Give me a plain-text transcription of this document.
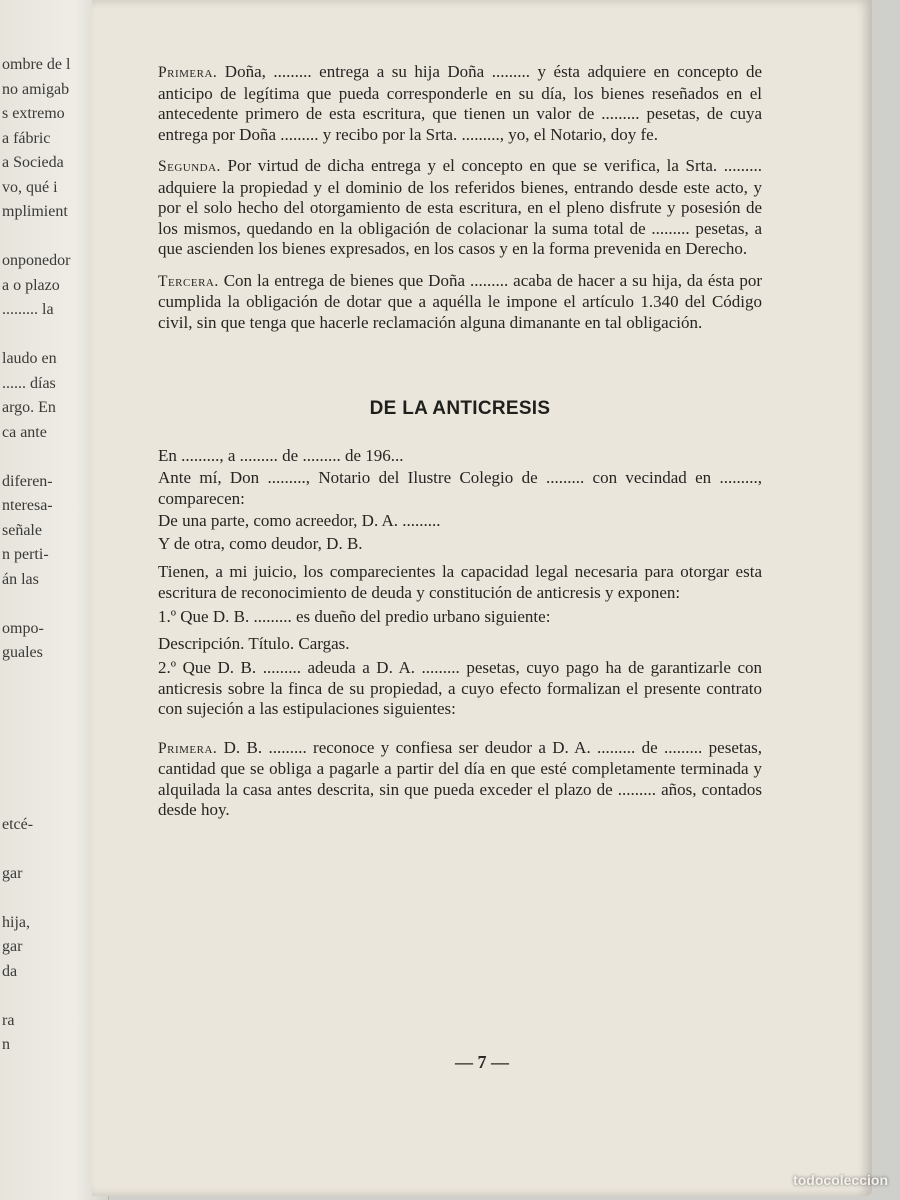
ombre de l
no amigab
s extremo
a fábric
a Socieda
vo, qué i
mplimient
onponedor
a o plazo
......... la
laudo en
...... días
argo. En
ca ante
diferen-
nteresa-
señale
n perti-
án las
ompo-
guales
etcé-
gar
hija,
gar
da
ra
n

Primera. Doña, ......... entrega a su hija Doña ......... y ésta adquiere en concepto de anticipo de legítima que pueda corresponderle en su día, los bienes reseñados en el antecedente primero de esta escritura, que tienen un valor de ......... pesetas, de cuya entrega por Doña ......... y recibo por la Srta. ........., yo, el Notario, doy fe.

Segunda. Por virtud de dicha entrega y el concepto en que se verifica, la Srta. ......... adquiere la propiedad y el dominio de los referidos bienes, entrando desde este acto, y por el solo hecho del otorgamiento de esta escritura, en el pleno disfrute y posesión de los mismos, quedando en la obligación de colacionar la suma total de ......... pesetas, a que ascienden los bienes expresados, en los casos y en la forma prevenida en Derecho.

Tercera. Con la entrega de bienes que Doña ......... acaba de hacer a su hija, da ésta por cumplida la obligación de dotar que a aquélla le impone el artículo 1.340 del Código civil, sin que tenga que hacerle reclamación alguna dimanante en tal obligación.

DE LA ANTICRESIS

En ........., a ......... de ......... de 196...

Ante mí, Don ........., Notario del Ilustre Colegio de ......... con vecindad en ........., comparecen:

De una parte, como acreedor, D. A. .........

Y de otra, como deudor, D. B.

Tienen, a mi juicio, los comparecientes la capacidad legal necesaria para otorgar esta escritura de reconocimiento de deuda y constitución de anticresis y exponen:

1.º Que D. B. ......... es dueño del predio urbano siguiente:

Descripción. Título. Cargas.

2.º Que D. B. ......... adeuda a D. A. ......... pesetas, cuyo pago ha de garantizarle con anticresis sobre la finca de su propiedad, a cuyo efecto formalizan el presente contrato con sujeción a las estipulaciones siguientes:

Primera. D. B. ......... reconoce y confiesa ser deudor a D. A. ......... de ......... pesetas, cantidad que se obliga a pagarle a partir del día en que esté completamente terminada y alquilada la casa antes descrita, sin que pueda exceder el plazo de ......... años, contados desde hoy.

— 7 —
todocoleccion
